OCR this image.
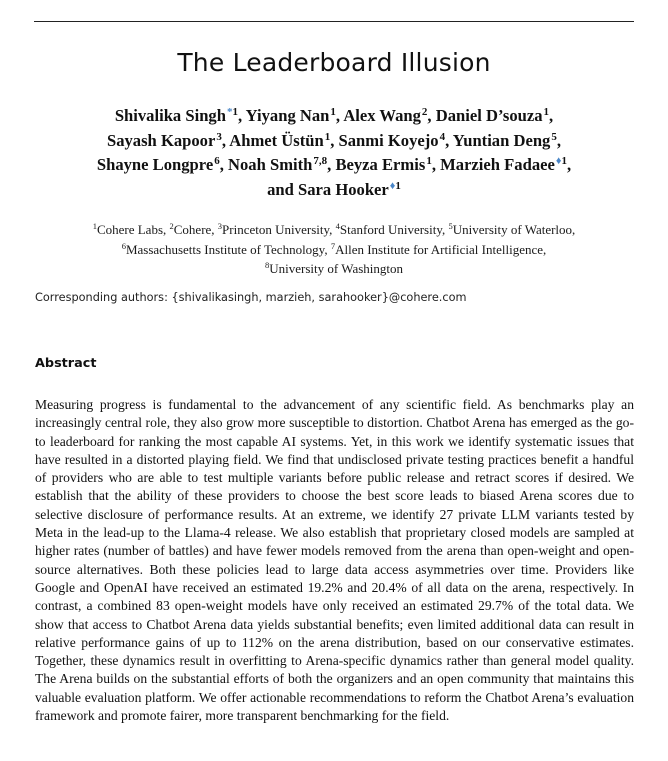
The Leaderboard Illusion
Shivalika Singh$^{*1}$, Yiyang Nan$^1$, Alex Wang$^2$, Daniel D’souza$^1$,
Sayash Kapoor$^3$, Ahmet Üstün$^1$, Sanmi Koyejo$^4$, Yuntian Deng$^5$,
Shayne Longpre$^6$, Noah Smith$^{7,8}$, Beyza Ermis$^1$, Marzieh Fadaee$^{♦1}$,
and Sara Hooker$^{♦1}$
$^1$Cohere Labs, $^2$Cohere, $^3$Princeton University, $^4$Stanford University, $^5$University of Waterloo,
$^6$Massachusetts Institute of Technology, $^7$Allen Institute for Artificial Intelligence,
$^8$University of Washington
Corresponding authors: {shivalikasingh, marzieh, sarahooker}@cohere.com
Abstract
Measuring progress is fundamental to the advancement of any scientific field. As benchmarks play an increasingly central role, they also grow more susceptible to distortion. Chatbot Arena has emerged as the go-to leaderboard for ranking the most capable AI systems. Yet, in this work we identify systematic issues that have resulted in a distorted playing field. We find that undisclosed private testing practices benefit a handful of providers who are able to test multiple variants before public release and retract scores if desired. We establish that the ability of these providers to choose the best score leads to biased Arena scores due to selective disclosure of performance results. At an extreme, we identify 27 private LLM variants tested by Meta in the lead-up to the Llama-4 release. We also establish that proprietary closed models are sampled at higher rates (number of battles) and have fewer models removed from the arena than open-weight and open-source alternatives. Both these policies lead to large data access asymmetries over time. Providers like Google and OpenAI have received an estimated 19.2% and 20.4% of all data on the arena, respectively. In contrast, a combined 83 open-weight models have only received an estimated 29.7% of the total data. We show that access to Chatbot Arena data yields substantial benefits; even limited additional data can result in relative performance gains of up to 112% on the arena distribution, based on our conservative estimates. Together, these dynamics result in overfitting to Arena-specific dynamics rather than general model quality. The Arena builds on the substantial efforts of both the organizers and an open community that maintains this valuable evaluation platform. We offer actionable recommendations to reform the Chatbot Arena’s evaluation framework and promote fairer, more transparent benchmarking for the field.
